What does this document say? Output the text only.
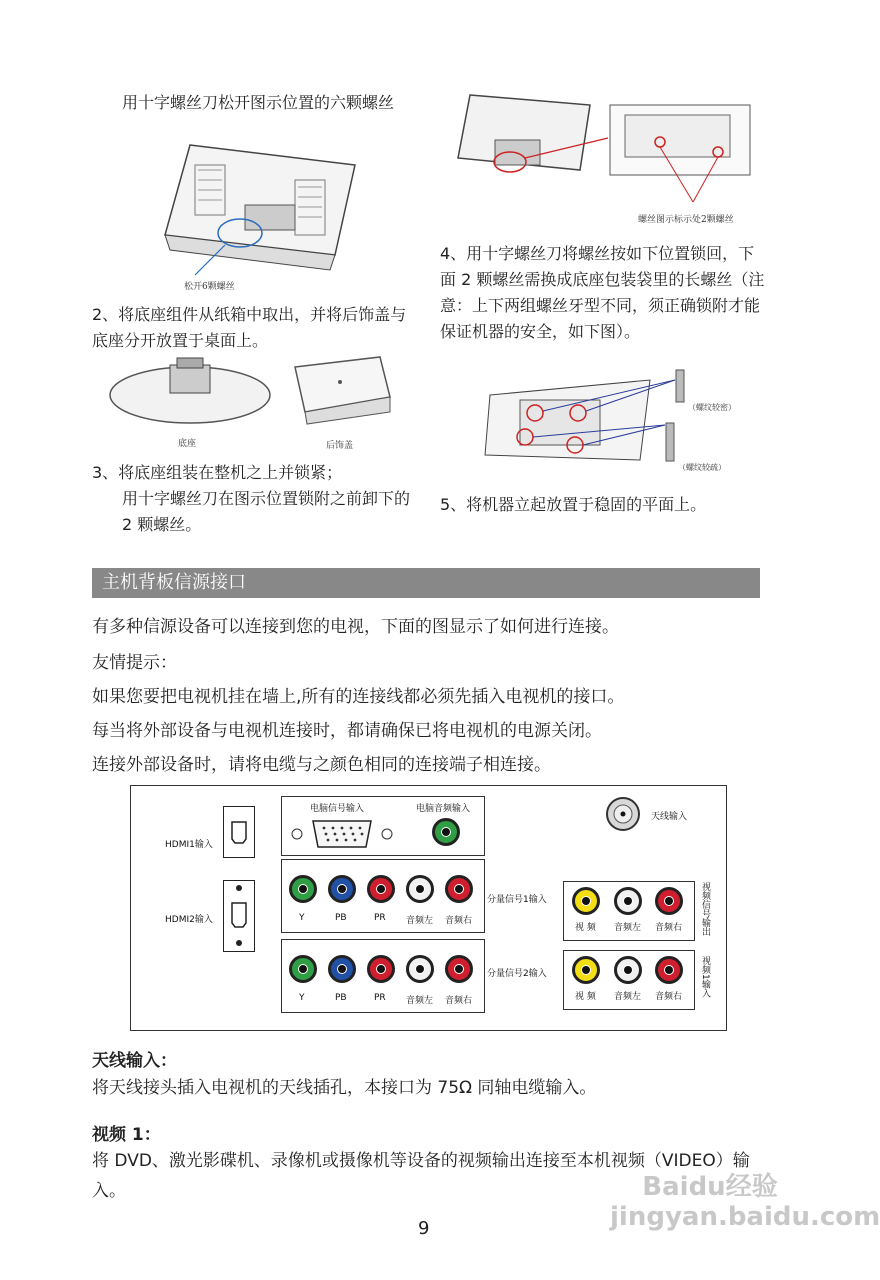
用十字螺丝刀松开图示位置的六颗螺丝
松开6颗螺丝
2、将底座组件从纸箱中取出，并将后饰盖与底座分开放置于桌面上。
底座	后饰盖
3、将底座组装在整机之上并锁紧；
用十字螺丝刀在图示位置锁附之前卸下的 2 颗螺丝。
螺丝图示标示处2颗螺丝
4、用十字螺丝刀将螺丝按如下位置锁回，下面 2 颗螺丝需换成底座包装袋里的长螺丝（注意：上下两组螺丝牙型不同，须正确锁附才能保证机器的安全，如下图）。
（螺纹较密）
（螺纹较疏）
5、将机器立起放置于稳固的平面上。
主机背板信源接口
有多种信源设备可以连接到您的电视，下面的图显示了如何进行连接。
友情提示：
如果您要把电视机挂在墙上,所有的连接线都必须先插入电视机的接口。
每当将外部设备与电视机连接时，都请确保已将电视机的电源关闭。
连接外部设备时，请将电缆与之颜色相同的连接端子相连接。
HDMI1输入
HDMI2输入
电脑信号输入	电脑音频输入
天线输入
Y	PB	PR 音频左 音频右
分量信号1输入
Y	PB	PR 音频左 音频右
分量信号2输入
视 频 音频左 音频右 视频信号输出
视 频 音频左 音频右 视频1输入
天线输入：
将天线接头插入电视机的天线插孔，本接口为 75Ω 同轴电缆输入。
视频 1：
将 DVD、激光影碟机、录像机或摄像机等设备的视频输出连接至本机视频（VIDEO）输入。
9
Baidu经验 jingyan.baidu.com
